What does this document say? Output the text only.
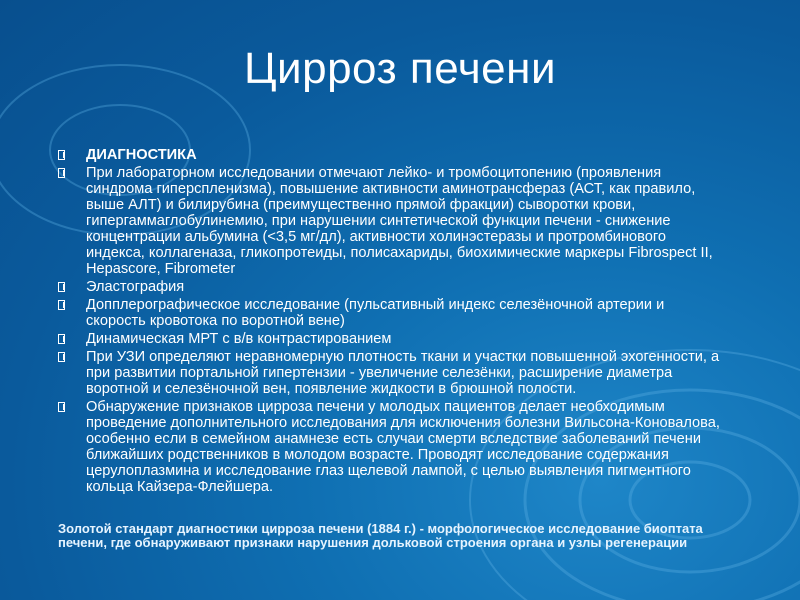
Цирроз печени
ДИАГНОСТИКА
При лабораторном исследовании отмечают лейко- и тромбоцитопению (проявления синдрома гиперспленизма), повышение активности аминотрансфераз (АСТ, как правило, выше АЛТ) и билирубина (преимущественно прямой фракции) сыворотки крови, гипергаммаглобулинемию, при нарушении синтетической функции печени - снижение концентрации альбумина (<3,5 мг/дл), активности холинэстеразы и протромбинового индекса, коллагеназа, гликопротеиды, полисахариды, биохимические маркеры Fibrospect II, Hepascore, Fibrometer
Эластография
Допплерографическое исследование (пульсативный индекс селезёночной артерии и скорость кровотока по воротной вене)
Динамическая МРТ с в/в контрастированием
При УЗИ определяют неравномерную плотность ткани и участки повышенной эхогенности, а при развитии портальной гипертензии - увеличение селезёнки, расширение диаметра воротной и селезёночной вен, появление жидкости в брюшной полости.
Обнаружение признаков цирроза печени у молодых пациентов делает необходимым проведение дополнительного исследования для исключения болезни Вильсона-Коновалова, особенно если в семейном анамнезе есть случаи смерти вследствие заболеваний печени ближайших родственников в молодом возрасте. Проводят исследование содержания церулоплазмина и исследование глаз щелевой лампой, с целью выявления пигментного кольца Кайзера-Флейшера.
Золотой стандарт диагностики цирроза печени (1884 г.) - морфологическое исследование биоптата печени, где обнаруживают признаки нарушения дольковой строения органа и узлы регенерации
